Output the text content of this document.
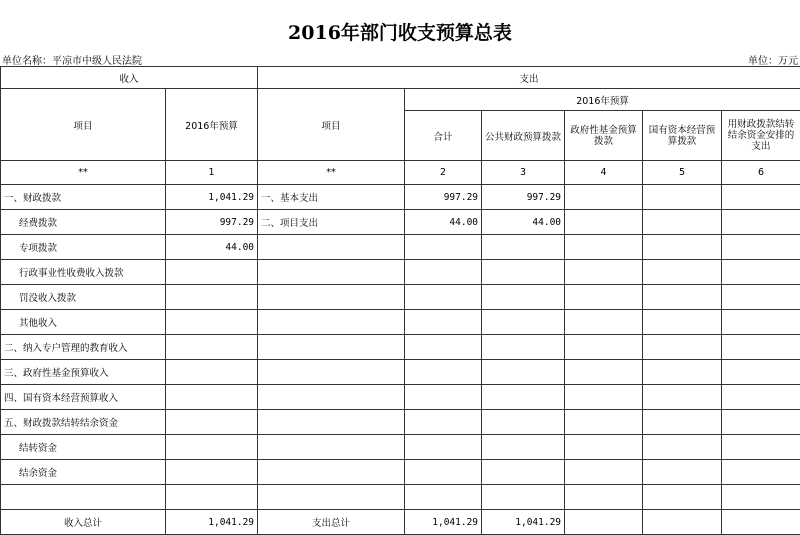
2016年部门收支预算总表
单位名称：平凉市中级人民法院	单位：万元
收入		支出					
项目	2016年预算	项目	2016年预算				
			合计	公共财政预算拨款	政府性基金预算拨款	国有资本经营预算拨款	用财政拨款结转结余资金安排的支出
**	1	**	2	3	4	5	6
一、财政拨款	1,041.29	一、基本支出	997.29	997.29			
经费拨款	997.29	二、项目支出	44.00	44.00			
专项拨款	44.00						
行政事业性收费收入拨款							
罚没收入拨款							
其他收入							
二、纳入专户管理的教育收入							
三、政府性基金预算收入							
四、国有资本经营预算收入							
五、财政拨款结转结余资金							
结转资金							
结余资金							

收入总计	1,041.29	支出总计	1,041.29	1,041.29			
